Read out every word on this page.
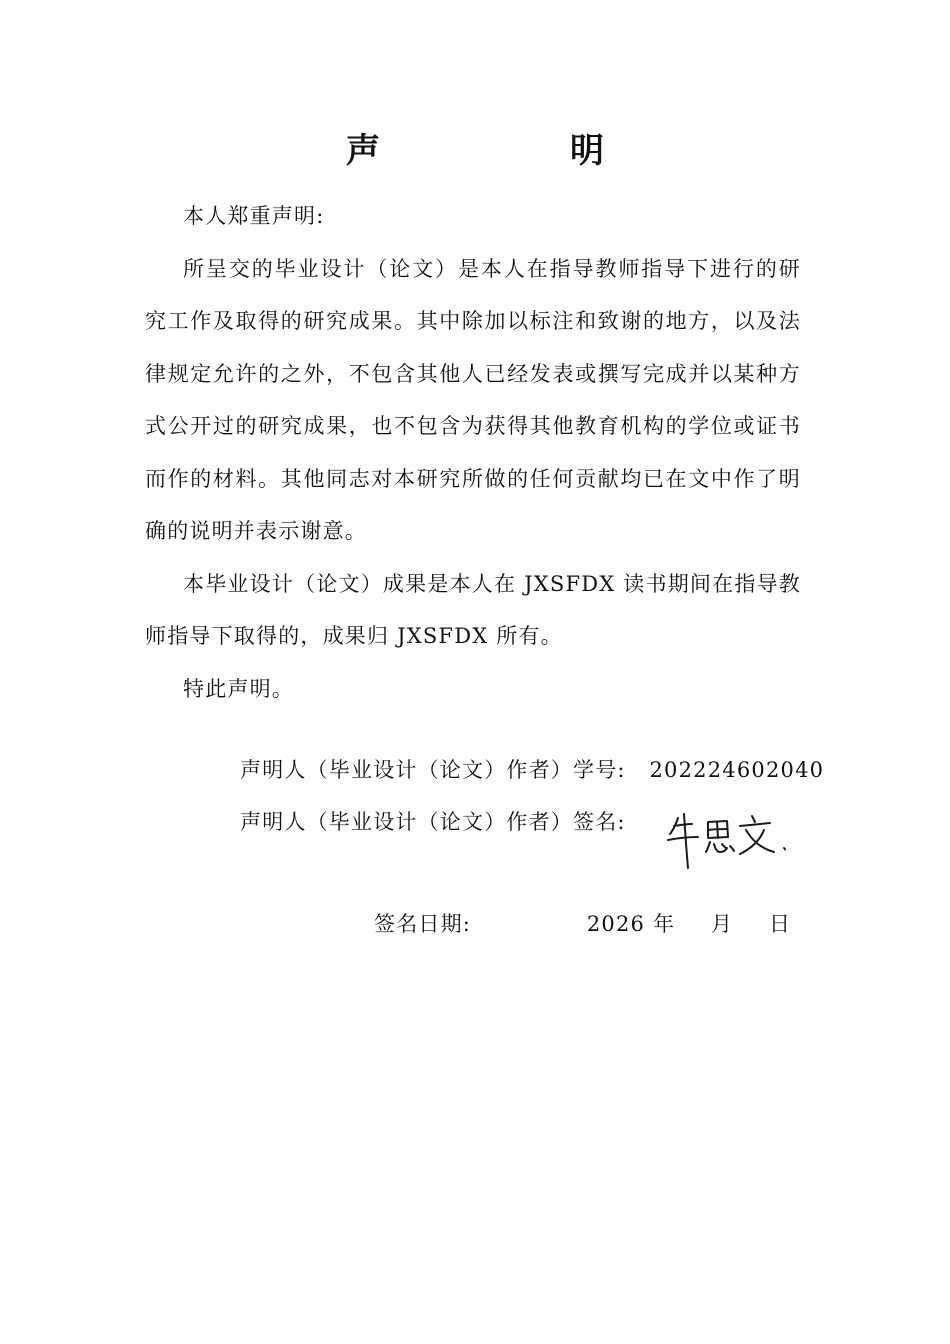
声　明

本人郑重声明:

所呈交的毕业设计（论文）是本人在指导教师指导下进行的研究工作及取得的研究成果。其中除加以标注和致谢的地方，以及法律规定允许的之外，不包含其他人已经发表或撰写完成并以某种方式公开过的研究成果，也不包含为获得其他教育机构的学位或证书而作的材料。其他同志对本研究所做的任何贡献均已在文中作了明确的说明并表示谢意。

本毕业设计（论文）成果是本人在 JXSFDX 读书期间在指导教师指导下取得的，成果归 JXSFDX 所有。

特此声明。

声明人（毕业设计（论文）作者）学号: 202224602040
声明人（毕业设计（论文）作者）签名:
签名日期:	2026 年 月 日
